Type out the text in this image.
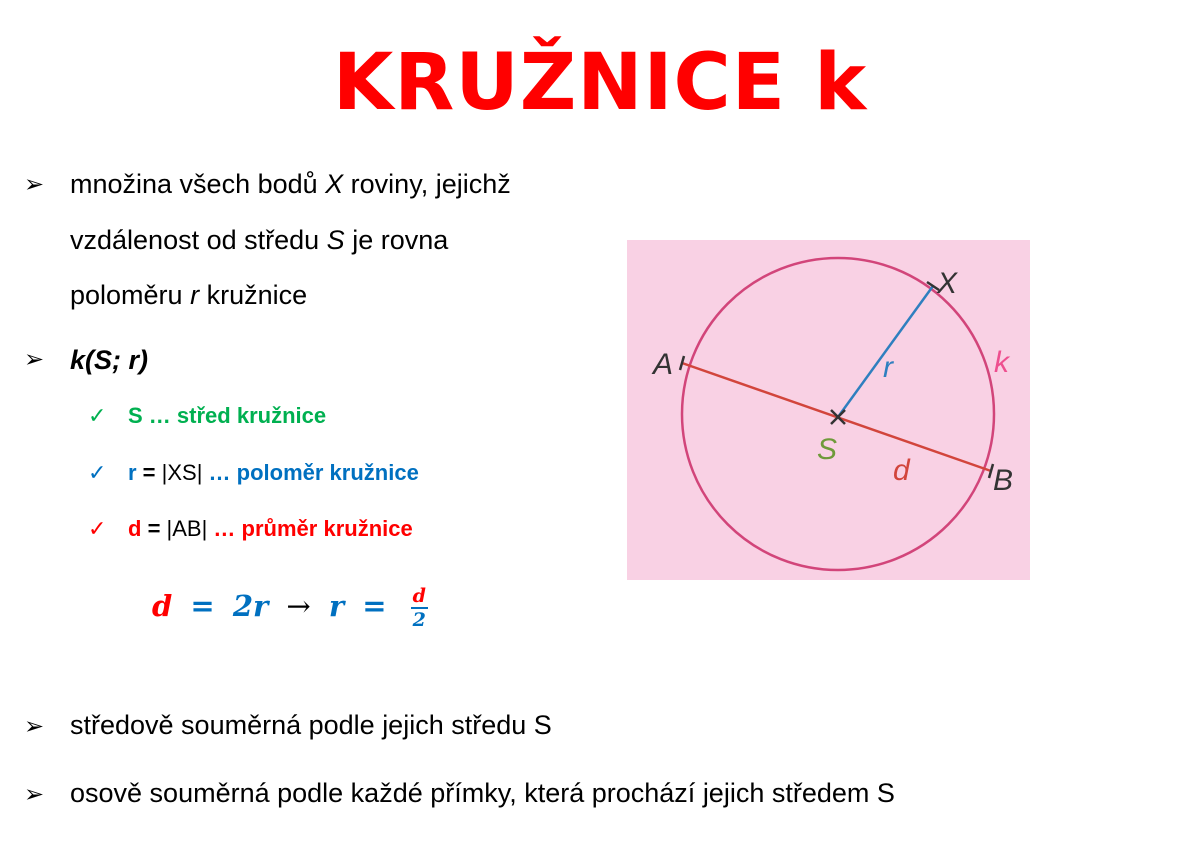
KRUŽNICE k
➢ množina všech bodů X roviny, jejichž
vzdálenost od středu S je rovna
poloměru r kružnice
➢ k(S; r)
✓ S … střed kružnice
✓ r = |XS| … poloměr kružnice
✓ d = |AB| … průměr kružnice
$d = 2r \to r = \frac{d}{2}$
➢ středově souměrná podle jejich středu S
➢ osově souměrná podle každé přímky, která prochází jejich středem S
A
B
X
S
r
d
k
